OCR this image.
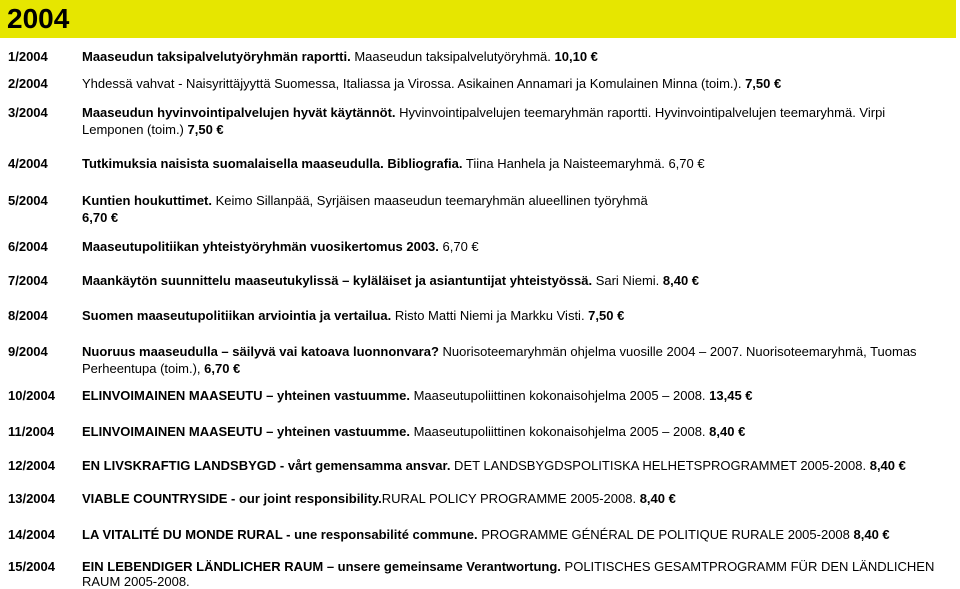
2004
1/2004	Maaseudun taksipalvelutyöryhmän raportti. Maaseudun taksipalvelutyöryhmä. 10,10 €
2/2004	Yhdessä vahvat - Naisyrittäjyyttä Suomessa, Italiassa ja Virossa. Asikainen Annamari ja Komulainen Minna (toim.). 7,50 €
3/2004	Maaseudun hyvinvointipalvelujen hyvät käytännöt. Hyvinvointipalvelujen teemaryhmän raportti. Hyvinvointipalvelujen teemaryhmä. Virpi Lemponen (toim.) 7,50 €
4/2004	Tutkimuksia naisista suomalaisella maaseudulla. Bibliografia. Tiina Hanhela ja Naisteemaryhmä. 6,70 €
5/2004	Kuntien houkuttimet. Keimo Sillanpää, Syrjäisen maaseudun teemaryhmän alueellinen työryhmä 6,70 €
6/2004	Maaseutupolitiikan yhteistyöryhmän vuosikertomus 2003. 6,70 €
7/2004	Maankäytön suunnittelu maaseutukylissä – kyläläiset ja asiantuntijat yhteistyössä. Sari Niemi. 8,40 €
8/2004	Suomen maaseutupolitiikan arviointia ja vertailua. Risto Matti Niemi ja Markku Visti. 7,50 €
9/2004	Nuoruus maaseudulla – säilyvä vai katoava luonnonvara? Nuorisoteemaryhmän ohjelma vuosille 2004 – 2007. Nuorisoteemaryhmä, Tuomas Perheentupa (toim.), 6,70 €
10/2004 ELINVOIMAINEN MAASEUTU – yhteinen vastuumme. Maaseutupoliittinen kokonaisohjelma 2005 – 2008. 13,45 €
11/2004 ELINVOIMAINEN MAASEUTU – yhteinen vastuumme. Maaseutupoliittinen kokonaisohjelma 2005 – 2008. 8,40 €
12/2004 EN LIVSKRAFTIG LANDSBYGD - vårt gemensamma ansvar. DET LANDSBYGDSPOLITISKA HELHETSPROGRAMMET 2005-2008. 8,40 €
13/2004 VIABLE COUNTRYSIDE - our joint responsibility.RURAL POLICY PROGRAMME 2005-2008. 8,40 €
14/2004 LA VITALITÉ DU MONDE RURAL - une responsabilité commune. PROGRAMME GÉNÉRAL DE POLITIQUE RURALE 2005-2008 8,40 €
15/2004 EIN LEBENDIGER LÄNDLICHER RAUM – unsere gemeinsame Verantwortung. POLITISCHES GESAMTPROGRAMM FÜR DEN LÄNDLICHEN RAUM 2005-2008.
